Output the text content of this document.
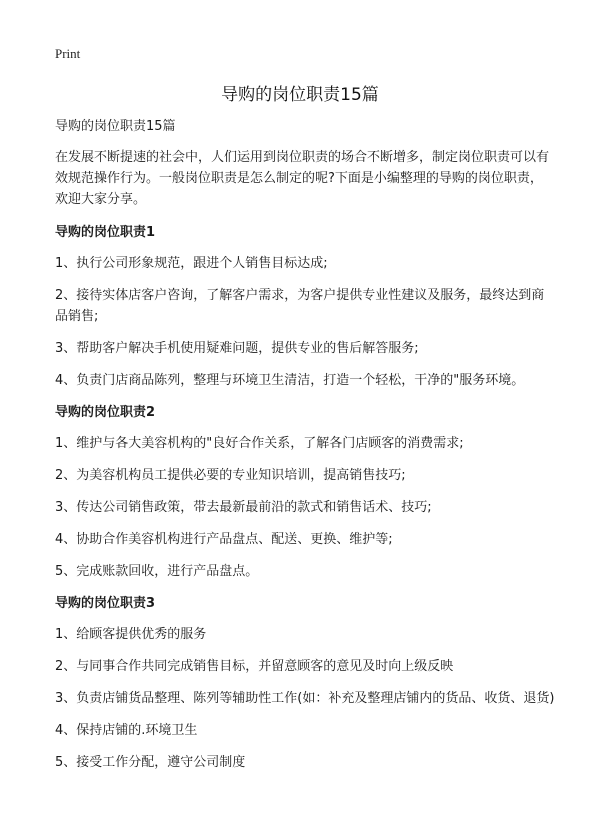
Print
导购的岗位职责15篇

导购的岗位职责15篇

在发展不断提速的社会中，人们运用到岗位职责的场合不断增多，制定岗位职责可以有效规范操作行为。一般岗位职责是怎么制定的呢?下面是小编整理的导购的岗位职责，欢迎大家分享。

导购的岗位职责1

1、执行公司形象规范，跟进个人销售目标达成;

2、接待实体店客户咨询，了解客户需求，为客户提供专业性建议及服务，最终达到商品销售;

3、帮助客户解决手机使用疑难问题，提供专业的售后解答服务;

4、负责门店商品陈列，整理与环境卫生清洁，打造一个轻松，干净的"服务环境。

导购的岗位职责2

1、维护与各大美容机构的"良好合作关系，了解各门店顾客的消费需求;

2、为美容机构员工提供必要的专业知识培训，提高销售技巧;

3、传达公司销售政策，带去最新最前沿的款式和销售话术、技巧;

4、协助合作美容机构进行产品盘点、配送、更换、维护等;

5、完成账款回收，进行产品盘点。

导购的岗位职责3

1、给顾客提供优秀的服务

2、与同事合作共同完成销售目标，并留意顾客的意见及时向上级反映

3、负责店铺货品整理、陈列等辅助性工作(如：补充及整理店铺内的货品、收货、退货)

4、保持店铺的.环境卫生

5、接受工作分配，遵守公司制度
